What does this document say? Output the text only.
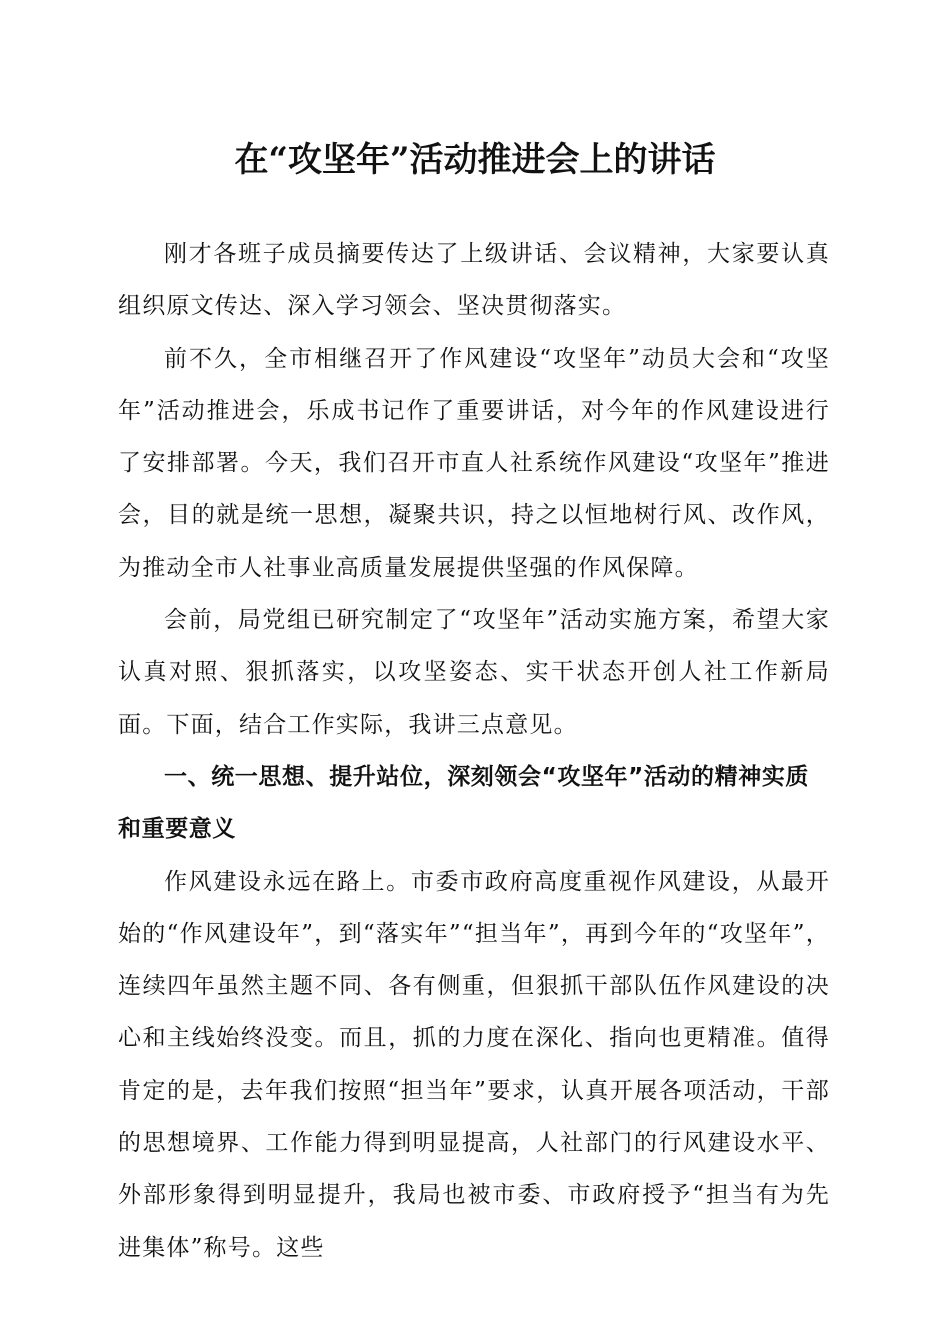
在“攻坚年”活动推进会上的讲话

刚才各班子成员摘要传达了上级讲话、会议精神，大家要认真组织原文传达、深入学习领会、坚决贯彻落实。

前不久，全市相继召开了作风建设“攻坚年”动员大会和“攻坚年”活动推进会，乐成书记作了重要讲话，对今年的作风建设进行了安排部署。今天，我们召开市直人社系统作风建设“攻坚年”推进会，目的就是统一思想，凝聚共识，持之以恒地树行风、改作风，为推动全市人社事业高质量发展提供坚强的作风保障。

会前，局党组已研究制定了“攻坚年”活动实施方案，希望大家认真对照、狠抓落实，以攻坚姿态、实干状态开创人社工作新局面。下面，结合工作实际，我讲三点意见。

一、统一思想、提升站位，深刻领会“攻坚年”活动的精神实质和重要意义

作风建设永远在路上。市委市政府高度重视作风建设，从最开始的“作风建设年”，到“落实年”“担当年”，再到今年的“攻坚年”，连续四年虽然主题不同、各有侧重，但狠抓干部队伍作风建设的决心和主线始终没变。而且，抓的力度在深化、指向也更精准。值得肯定的是，去年我们按照“担当年”要求，认真开展各项活动，干部的思想境界、工作能力得到明显提高，人社部门的行风建设水平、外部形象得到明显提升，我局也被市委、市政府授予“担当有为先进集体”称号。这些
